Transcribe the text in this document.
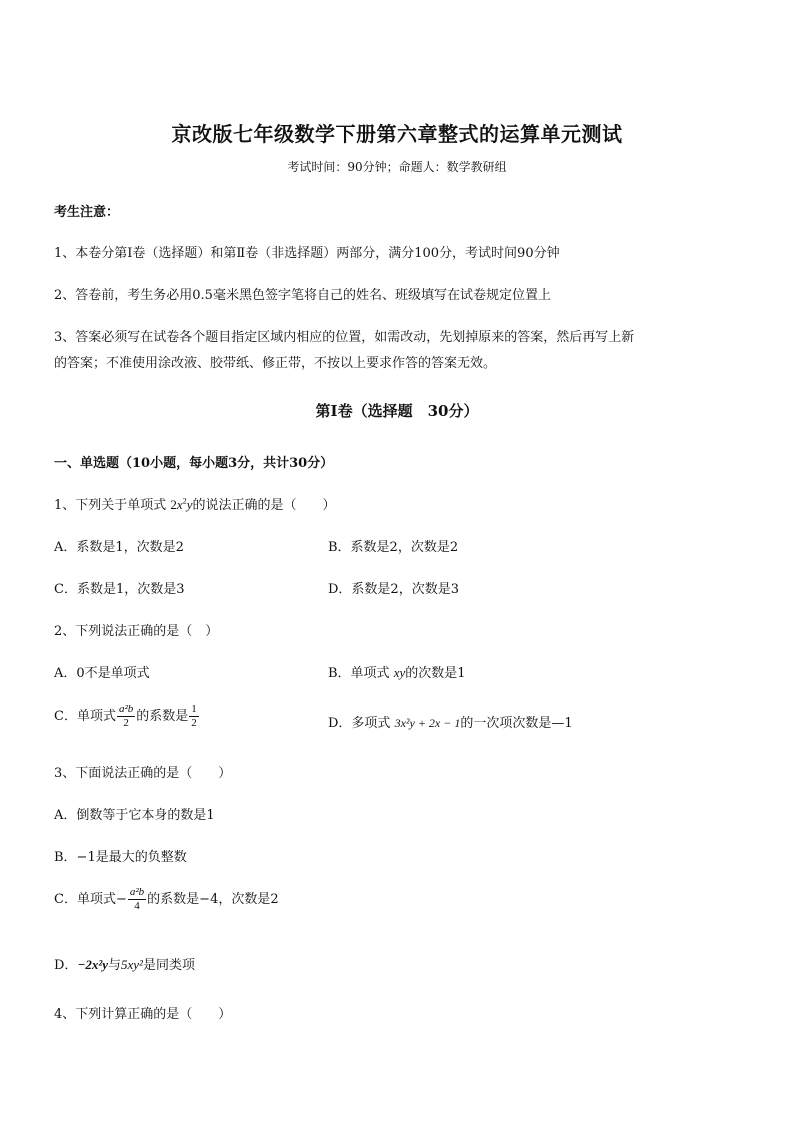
京改版七年级数学下册第六章整式的运算单元测试
考试时间：90分钟；命题人：数学教研组
考生注意：
1、本卷分第Ⅰ卷（选择题）和第Ⅱ卷（非选择题）两部分，满分100分，考试时间90分钟
2、答卷前，考生务必用0.5毫米黑色签字笔将自己的姓名、班级填写在试卷规定位置上
3、答案必须写在试卷各个题目指定区域内相应的位置，如需改动，先划掉原来的答案，然后再写上新
的答案；不准使用涂改液、胶带纸、修正带，不按以上要求作答的答案无效。
第Ⅰ卷（选择题　30分）
一、单选题（10小题，每小题3分，共计30分）
1、下列关于单项式 $2x^2y$的说法正确的是（　　）
A．系数是1，次数是2	B．系数是2，次数是2
C．系数是1，次数是3	D．系数是2，次数是3
2、下列说法正确的是（　）
A．0不是单项式	B．单项式 xy的次数是1
C．单项式 $\frac{\text{a²b}}{2}$ 的系数是 $\frac{1}{2}$	D．多项式 3x²y + 2x − 1的一次项次数是—1
3、下面说法正确的是（　　）
A．倒数等于它本身的数是1
B．−1是最大的负整数
C．单项式− $\frac{\text{a²b}}{4}$ 的系数是−4，次数是2
D．−2x²y与5xy²是同类项
4、下列计算正确的是（　　）
